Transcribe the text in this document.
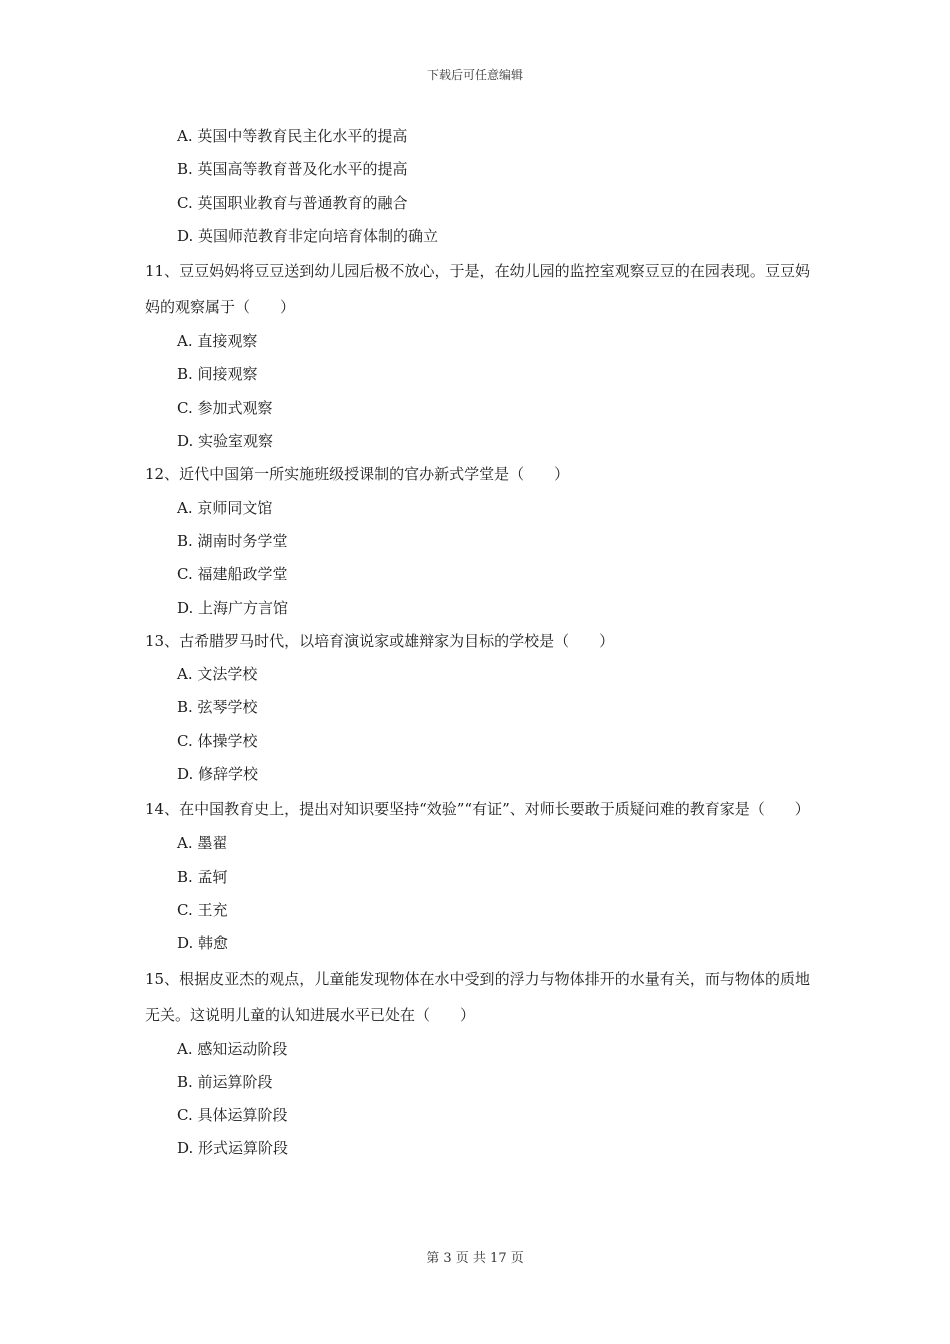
下载后可任意编辑
A. 英国中等教育民主化水平的提高
B. 英国高等教育普及化水平的提高
C. 英国职业教育与普通教育的融合
D. 英国师范教育非定向培育体制的确立
11、豆豆妈妈将豆豆送到幼儿园后极不放心，于是，在幼儿园的监控室观察豆豆的在园表现。豆豆妈妈的观察属于（　　）
A. 直接观察
B. 间接观察
C. 参加式观察
D. 实验室观察
12、近代中国第一所实施班级授课制的官办新式学堂是（　　）
A. 京师同文馆
B. 湖南时务学堂
C. 福建船政学堂
D. 上海广方言馆
13、古希腊罗马时代，以培育演说家或雄辩家为目标的学校是（　　）
A. 文法学校
B. 弦琴学校
C. 体操学校
D. 修辞学校
14、在中国教育史上，提出对知识要坚持“效验”“有证”、对师长要敢于质疑问难的教育家是（　　）
A. 墨翟
B. 孟轲
C. 王充
D. 韩愈
15、根据皮亚杰的观点，儿童能发现物体在水中受到的浮力与物体排开的水量有关，而与物体的质地无关。这说明儿童的认知进展水平已处在（　　）
A. 感知运动阶段
B. 前运算阶段
C. 具体运算阶段
D. 形式运算阶段
第 3 页 共 17 页
